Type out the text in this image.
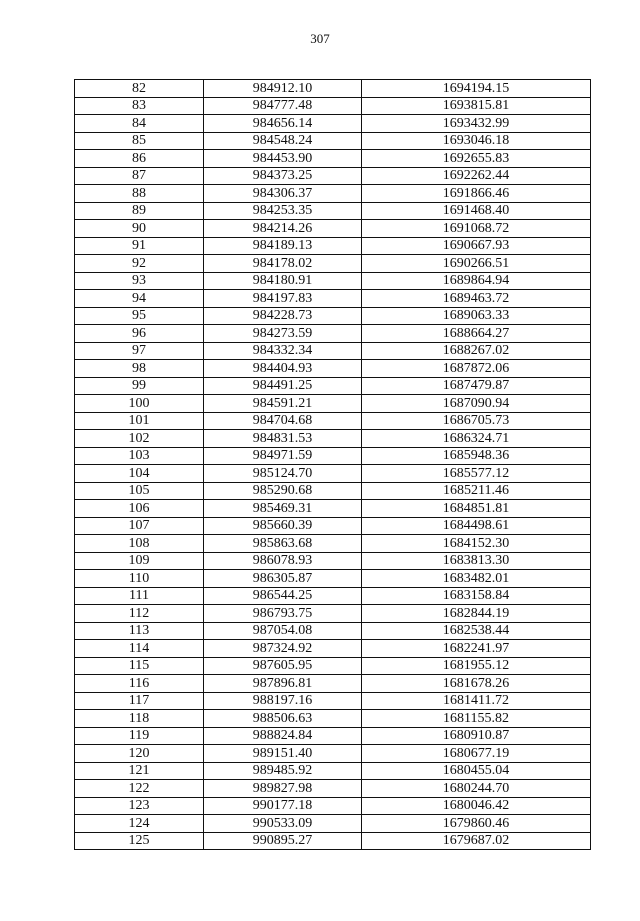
307
82	984912.10	1694194.15
83	984777.48	1693815.81
84	984656.14	1693432.99
85	984548.24	1693046.18
86	984453.90	1692655.83
87	984373.25	1692262.44
88	984306.37	1691866.46
89	984253.35	1691468.40
90	984214.26	1691068.72
91	984189.13	1690667.93
92	984178.02	1690266.51
93	984180.91	1689864.94
94	984197.83	1689463.72
95	984228.73	1689063.33
96	984273.59	1688664.27
97	984332.34	1688267.02
98	984404.93	1687872.06
99	984491.25	1687479.87
100	984591.21	1687090.94
101	984704.68	1686705.73
102	984831.53	1686324.71
103	984971.59	1685948.36
104	985124.70	1685577.12
105	985290.68	1685211.46
106	985469.31	1684851.81
107	985660.39	1684498.61
108	985863.68	1684152.30
109	986078.93	1683813.30
110	986305.87	1683482.01
111	986544.25	1683158.84
112	986793.75	1682844.19
113	987054.08	1682538.44
114	987324.92	1682241.97
115	987605.95	1681955.12
116	987896.81	1681678.26
117	988197.16	1681411.72
118	988506.63	1681155.82
119	988824.84	1680910.87
120	989151.40	1680677.19
121	989485.92	1680455.04
122	989827.98	1680244.70
123	990177.18	1680046.42
124	990533.09	1679860.46
125	990895.27	1679687.02
